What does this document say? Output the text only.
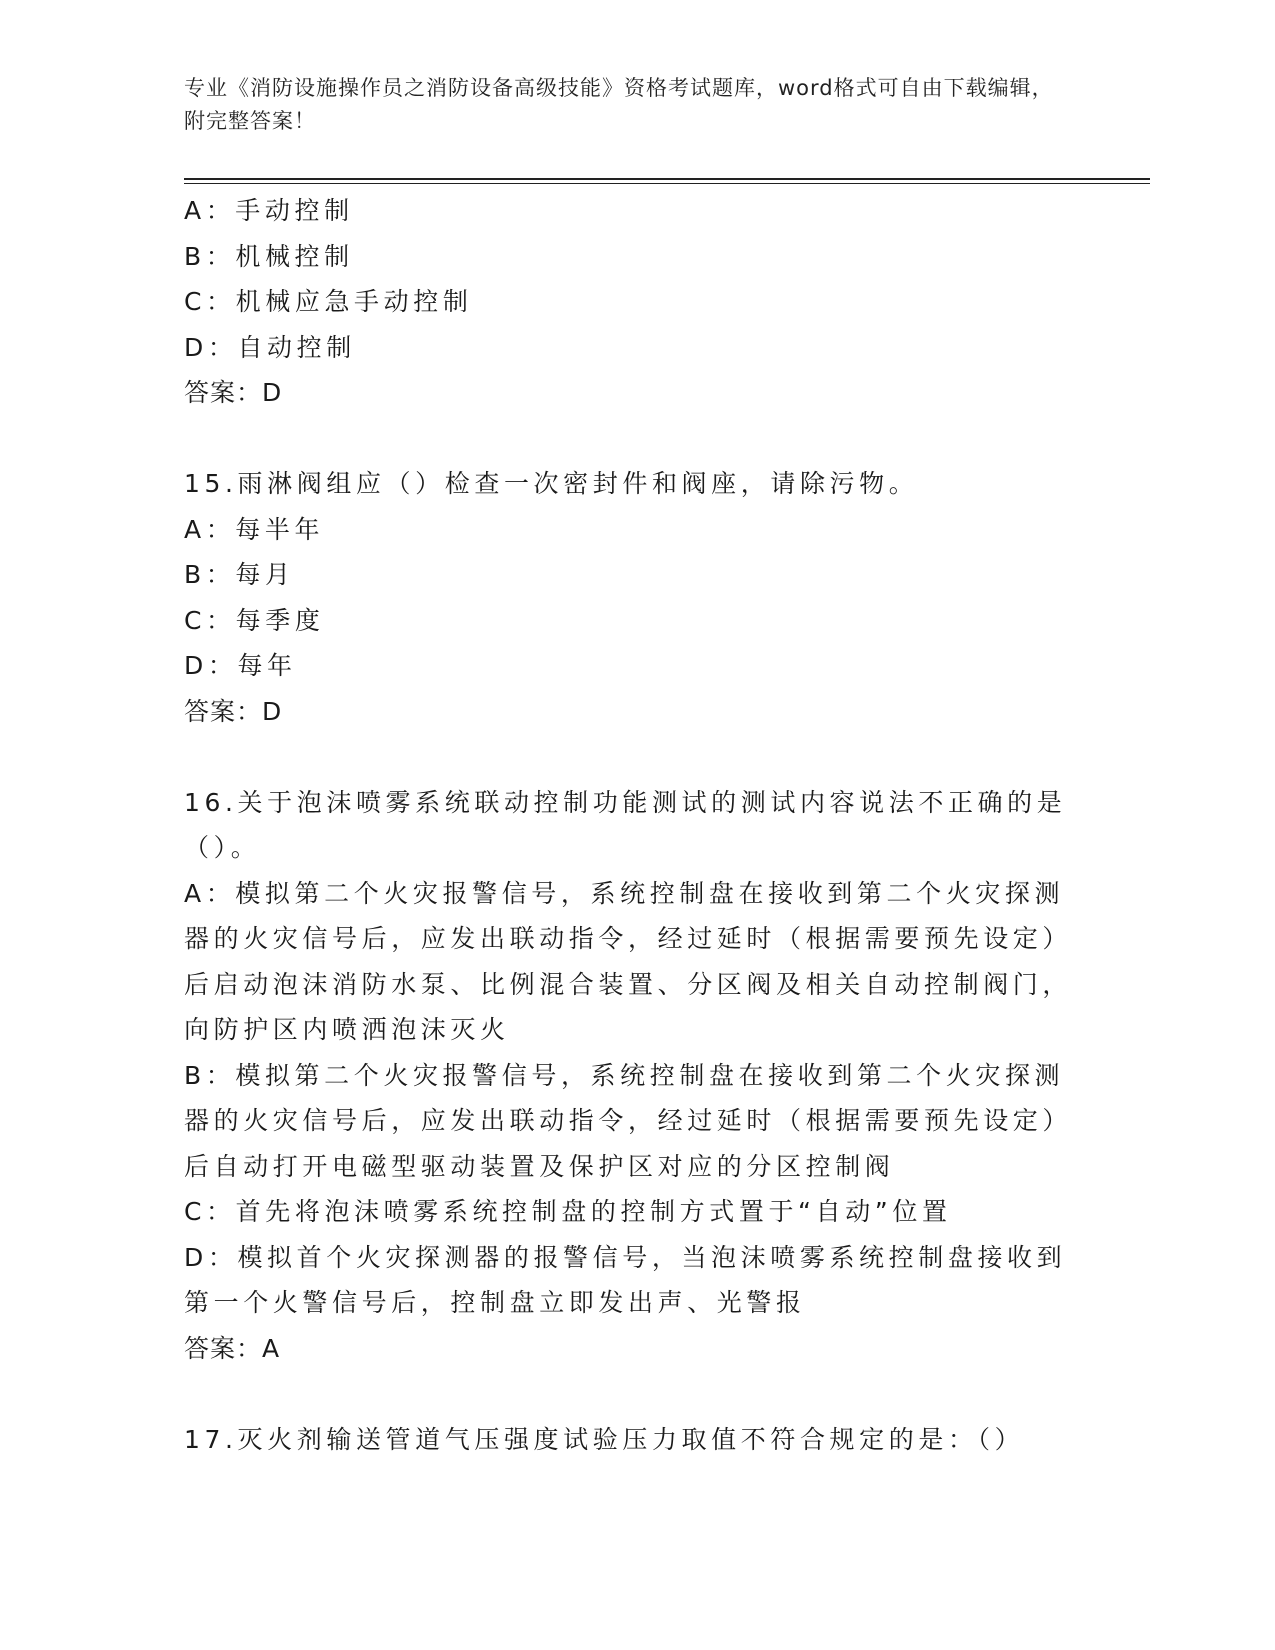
专业《消防设施操作员之消防设备高级技能》资格考试题库，word格式可自由下载编辑，附完整答案！

A：手动控制

B：机械控制

C：机械应急手动控制

D：自动控制

答案：D

15.雨淋阀组应（）检查一次密封件和阀座，请除污物。

A：每半年

B：每月

C：每季度

D：每年

答案：D

16.关于泡沫喷雾系统联动控制功能测试的测试内容说法不正确的是（）。

A：模拟第二个火灾报警信号，系统控制盘在接收到第二个火灾探测器的火灾信号后，应发出联动指令，经过延时（根据需要预先设定）后启动泡沫消防水泵、比例混合装置、分区阀及相关自动控制阀门，向防护区内喷洒泡沫灭火

B：模拟第二个火灾报警信号，系统控制盘在接收到第二个火灾探测器的火灾信号后，应发出联动指令，经过延时（根据需要预先设定）后自动打开电磁型驱动装置及保护区对应的分区控制阀

C：首先将泡沫喷雾系统控制盘的控制方式置于“自动”位置

D：模拟首个火灾探测器的报警信号，当泡沫喷雾系统控制盘接收到第一个火警信号后，控制盘立即发出声、光警报

答案：A

17.灭火剂输送管道气压强度试验压力取值不符合规定的是：（）
